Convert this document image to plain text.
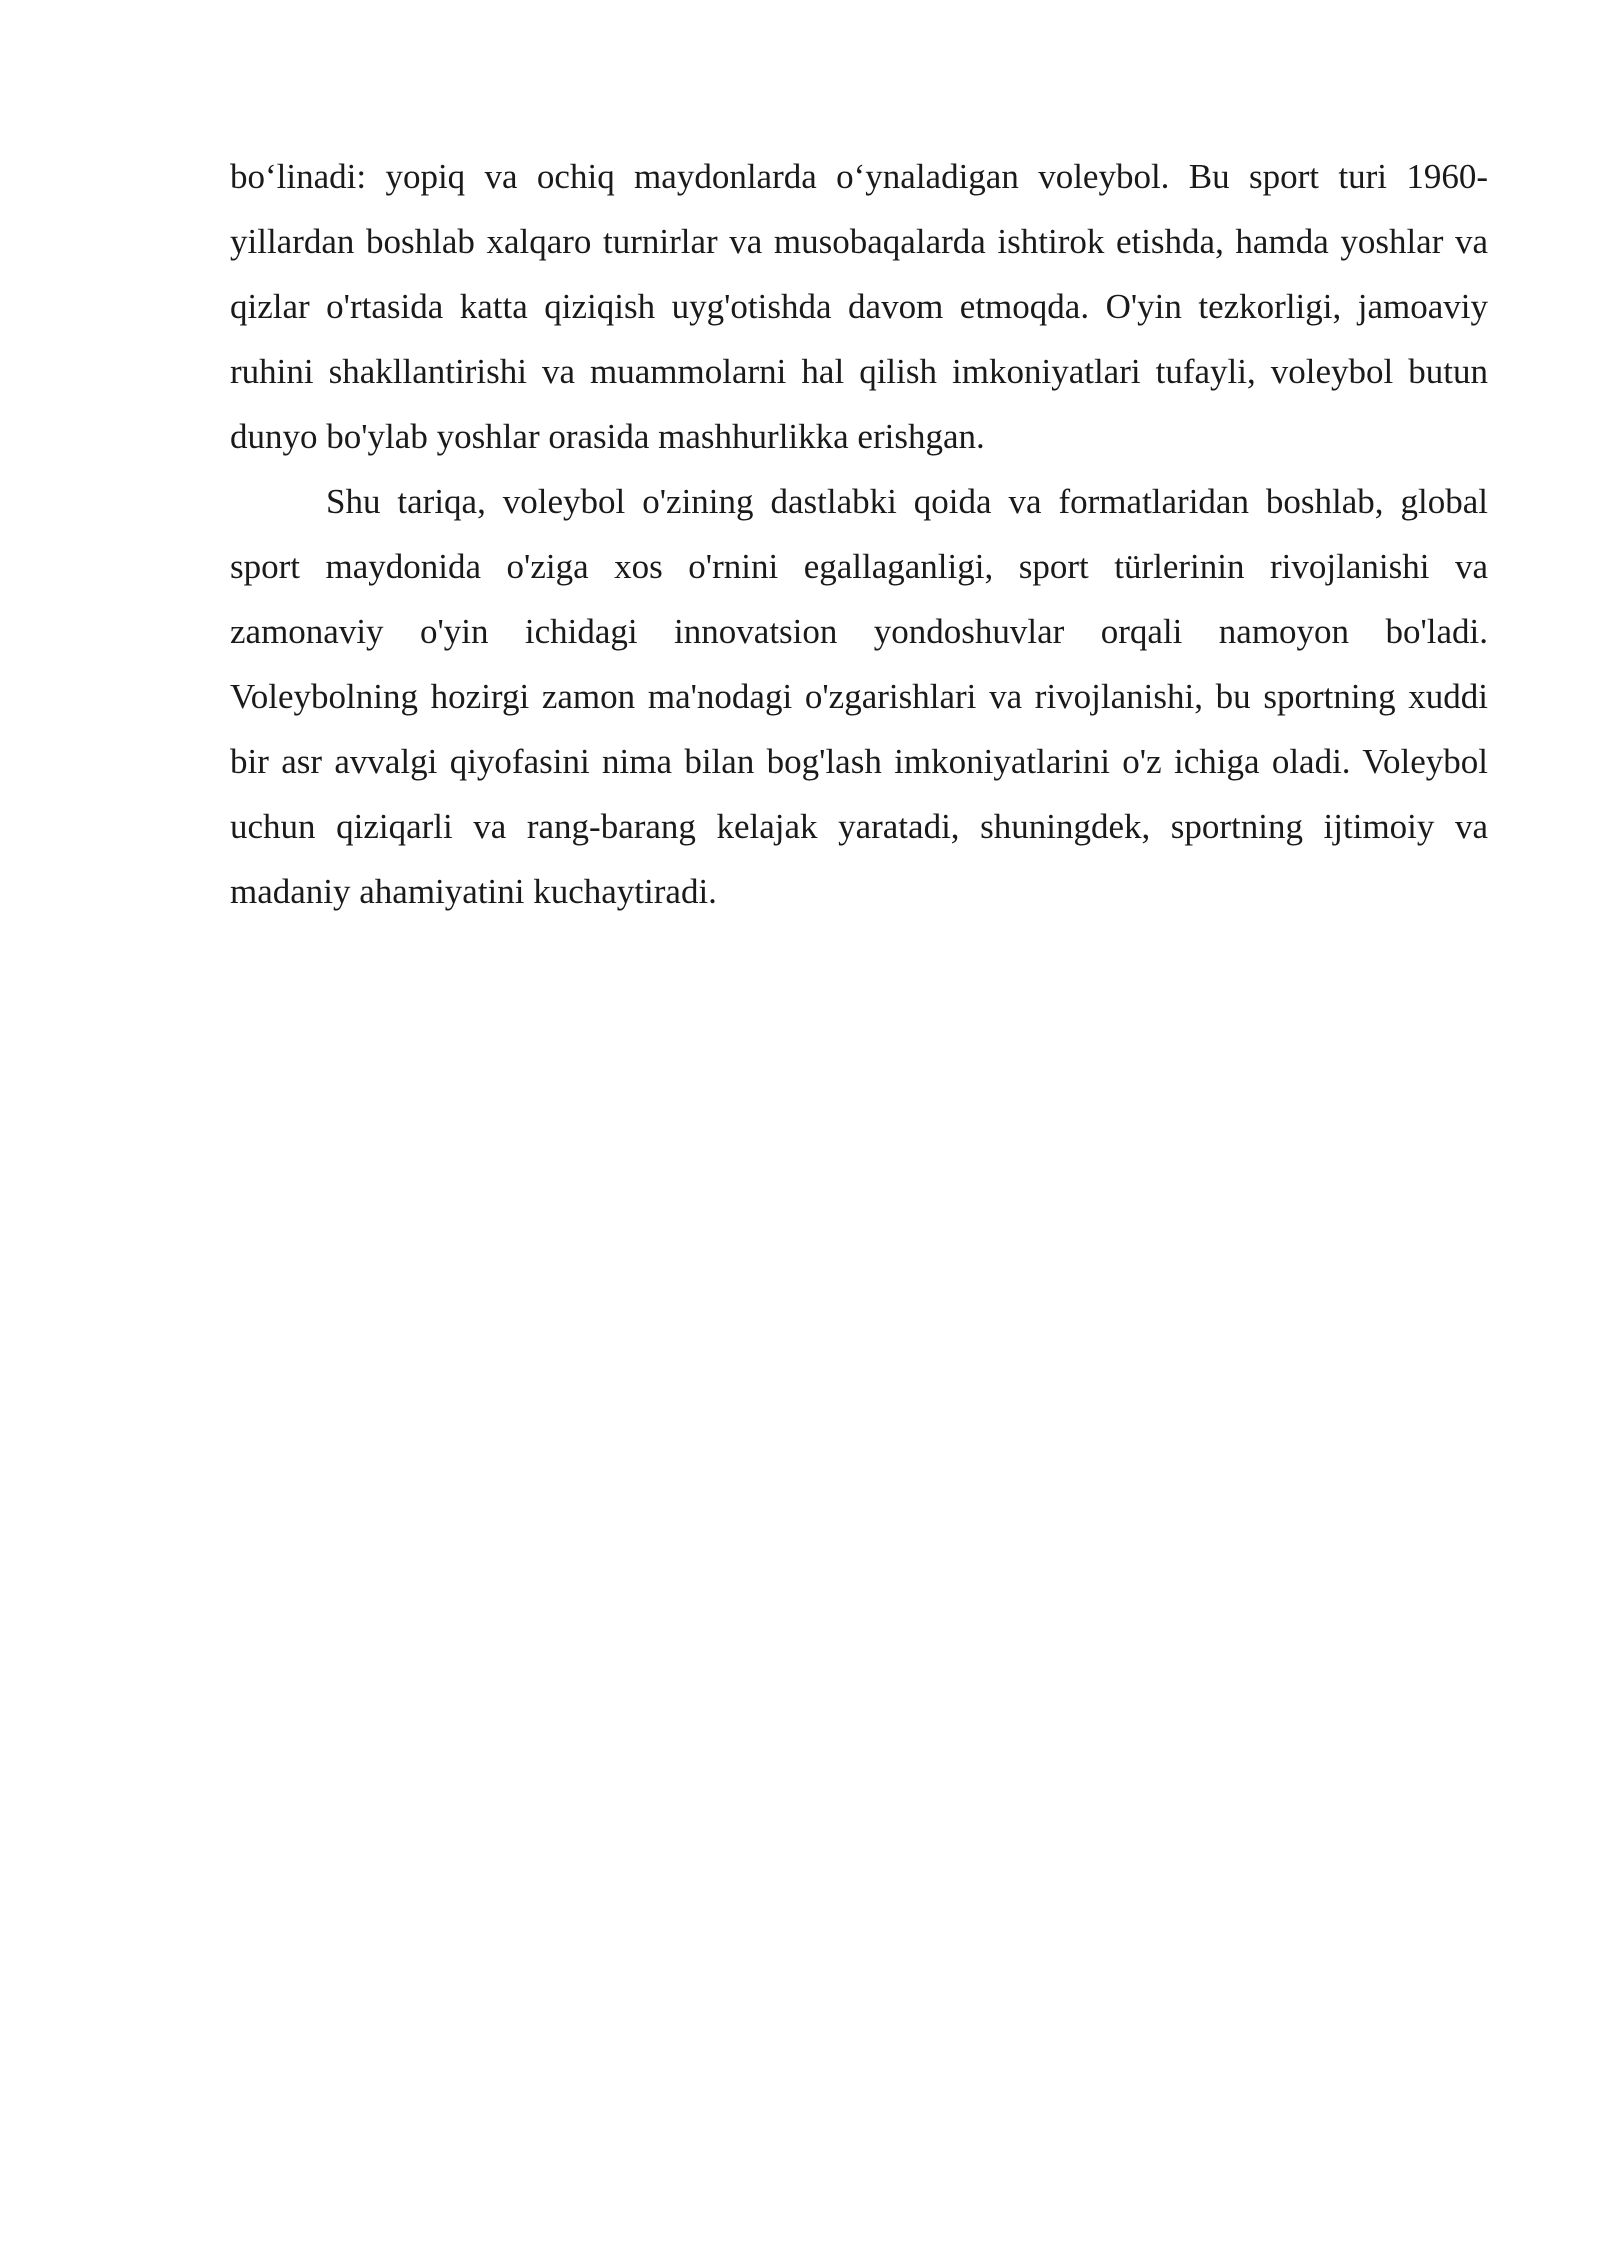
bo‘linadi: yopiq va ochiq maydonlarda o‘ynaladigan voleybol. Bu sport turi 1960-yillardan boshlab xalqaro turnirlar va musobaqalarda ishtirok etishda, hamda yoshlar va qizlar o'rtasida katta qiziqish uyg'otishda davom etmoqda. O'yin tezkorligi, jamoaviy ruhini shakllantirishi va muammolarni hal qilish imkoniyatlari tufayli, voleybol butun dunyo bo'ylab yoshlar orasida mashhurlikka erishgan.

Shu tariqa, voleybol o'zining dastlabki qoida va formatlaridan boshlab, global sport maydonida o'ziga xos o'rnini egallaganligi, sport türlerinin rivojlanishi va zamonaviy o'yin ichidagi innovatsion yondoshuvlar orqali namoyon bo'ladi. Voleybolning hozirgi zamon ma'nodagi o'zgarishlari va rivojlanishi, bu sportning xuddi bir asr avvalgi qiyofasini nima bilan bog'lash imkoniyatlarini o'z ichiga oladi. Voleybol uchun qiziqarli va rang-barang kelajak yaratadi, shuningdek, sportning ijtimoiy va madaniy ahamiyatini kuchaytiradi.
